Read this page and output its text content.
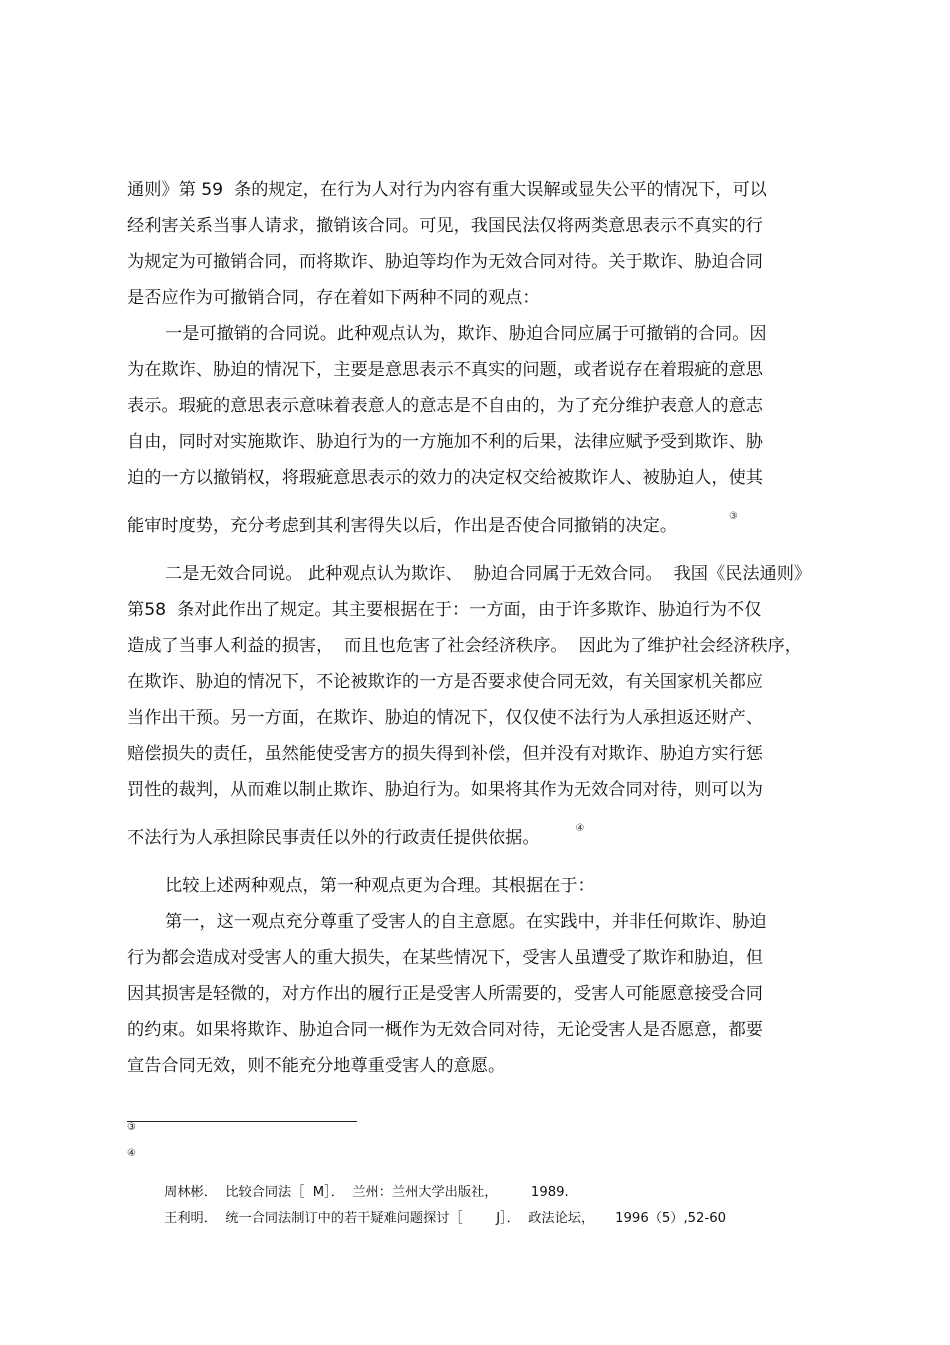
通则》第 59  条的规定，在行为人对行为内容有重大误解或显失公平的情况下，可以
经利害关系当事人请求，撤销该合同。可见，我国民法仅将两类意思表示不真实的行
为规定为可撤销合同，而将欺诈、胁迫等均作为无效合同对待。关于欺诈、胁迫合同
是否应作为可撤销合同，存在着如下两种不同的观点：
一是可撤销的合同说。此种观点认为，欺诈、胁迫合同应属于可撤销的合同。因
为在欺诈、胁迫的情况下，主要是意思表示不真实的问题，或者说存在着瑕疵的意思
表示。瑕疵的意思表示意味着表意人的意志是不自由的，为了充分维护表意人的意志
自由，同时对实施欺诈、胁迫行为的一方施加不利的后果，法律应赋予受到欺诈、胁
迫的一方以撤销权，将瑕疵意思表示的效力的决定权交给被欺诈人、被胁迫人，使其
能审时度势，充分考虑到其利害得失以后，作出是否使合同撤销的决定。	③
二是无效合同说。 此种观点认为欺诈、  胁迫合同属于无效合同。  我国《民法通则》
第58  条对此作出了规定。其主要根据在于：一方面，由于许多欺诈、胁迫行为不仅
造成了当事人利益的损害，  而且也危害了社会经济秩序。  因此为了维护社会经济秩序，
在欺诈、胁迫的情况下，不论被欺诈的一方是否要求使合同无效，有关国家机关都应
当作出干预。另一方面，在欺诈、胁迫的情况下，仅仅使不法行为人承担返还财产、
赔偿损失的责任，虽然能使受害方的损失得到补偿，但并没有对欺诈、胁迫方实行惩
罚性的裁判，从而难以制止欺诈、胁迫行为。如果将其作为无效合同对待，则可以为
不法行为人承担除民事责任以外的行政责任提供依据。	④
比较上述两种观点，第一种观点更为合理。其根据在于：
第一，这一观点充分尊重了受害人的自主意愿。在实践中，并非任何欺诈、胁迫
行为都会造成对受害人的重大损失，在某些情况下，受害人虽遭受了欺诈和胁迫，但
因其损害是轻微的，对方作出的履行正是受害人所需要的，受害人可能愿意接受合同
的约束。如果将欺诈、胁迫合同一概作为无效合同对待，无论受害人是否愿意，都要
宣告合同无效，则不能充分地尊重受害人的意愿。

③

周林彬．  比较合同法［  M］．  兰州：兰州大学出版社，        1989.

④

王利明．  统一合同法制订中的若干疑难问题探讨［        J］．  政法论坛，     1996（5）,52-60
